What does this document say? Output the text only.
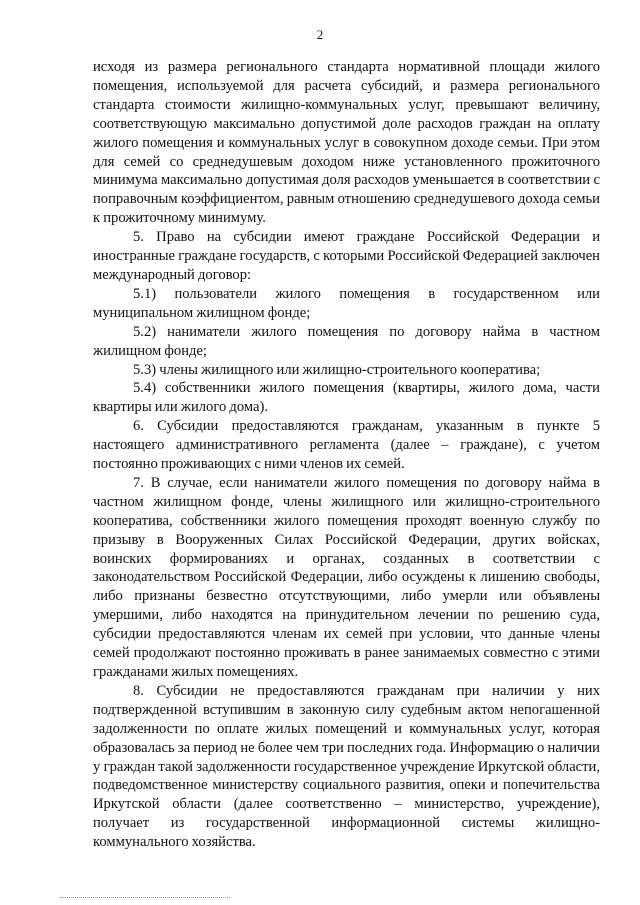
2

исходя из размера регионального стандарта нормативной площади жилого помещения, используемой для расчета субсидий, и размера регионального стандарта стоимости жилищно-коммунальных услуг, превышают величину, соответствующую максимально допустимой доле расходов граждан на оплату жилого помещения и коммунальных услуг в совокупном доходе семьи. При этом для семей со среднедушевым доходом ниже установленного прожиточного минимума максимально допустимая доля расходов уменьшается в соответствии с поправочным коэффициентом, равным отношению среднедушевого дохода семьи к прожиточному минимуму.

5. Право на субсидии имеют граждане Российской Федерации и иностранные граждане государств, с которыми Российской Федерацией заключен международный договор:

5.1) пользователи жилого помещения в государственном или муниципальном жилищном фонде;

5.2) наниматели жилого помещения по договору найма в частном жилищном фонде;

5.3) члены жилищного или жилищно-строительного кооператива;

5.4) собственники жилого помещения (квартиры, жилого дома, части квартиры или жилого дома).

6. Субсидии предоставляются гражданам, указанным в пункте 5 настоящего административного регламента (далее – граждане), с учетом постоянно проживающих с ними членов их семей.

7. В случае, если наниматели жилого помещения по договору найма в частном жилищном фонде, члены жилищного или жилищно-строительного кооператива, собственники жилого помещения проходят военную службу по призыву в Вооруженных Силах Российской Федерации, других войсках, воинских формированиях и органах, созданных в соответствии с законодательством Российской Федерации, либо осуждены к лишению свободы, либо признаны безвестно отсутствующими, либо умерли или объявлены умершими, либо находятся на принудительном лечении по решению суда, субсидии предоставляются членам их семей при условии, что данные члены семей продолжают постоянно проживать в ранее занимаемых совместно с этими гражданами жилых помещениях.

8. Субсидии не предоставляются гражданам при наличии у них подтвержденной вступившим в законную силу судебным актом непогашенной задолженности по оплате жилых помещений и коммунальных услуг, которая образовалась за период не более чем три последних года. Информацию о наличии у граждан такой задолженности государственное учреждение Иркутской области, подведомственное министерству социального развития, опеки и попечительства Иркутской области (далее соответственно – министерство, учреждение), получает из государственной информационной системы жилищно-коммунального хозяйства.
